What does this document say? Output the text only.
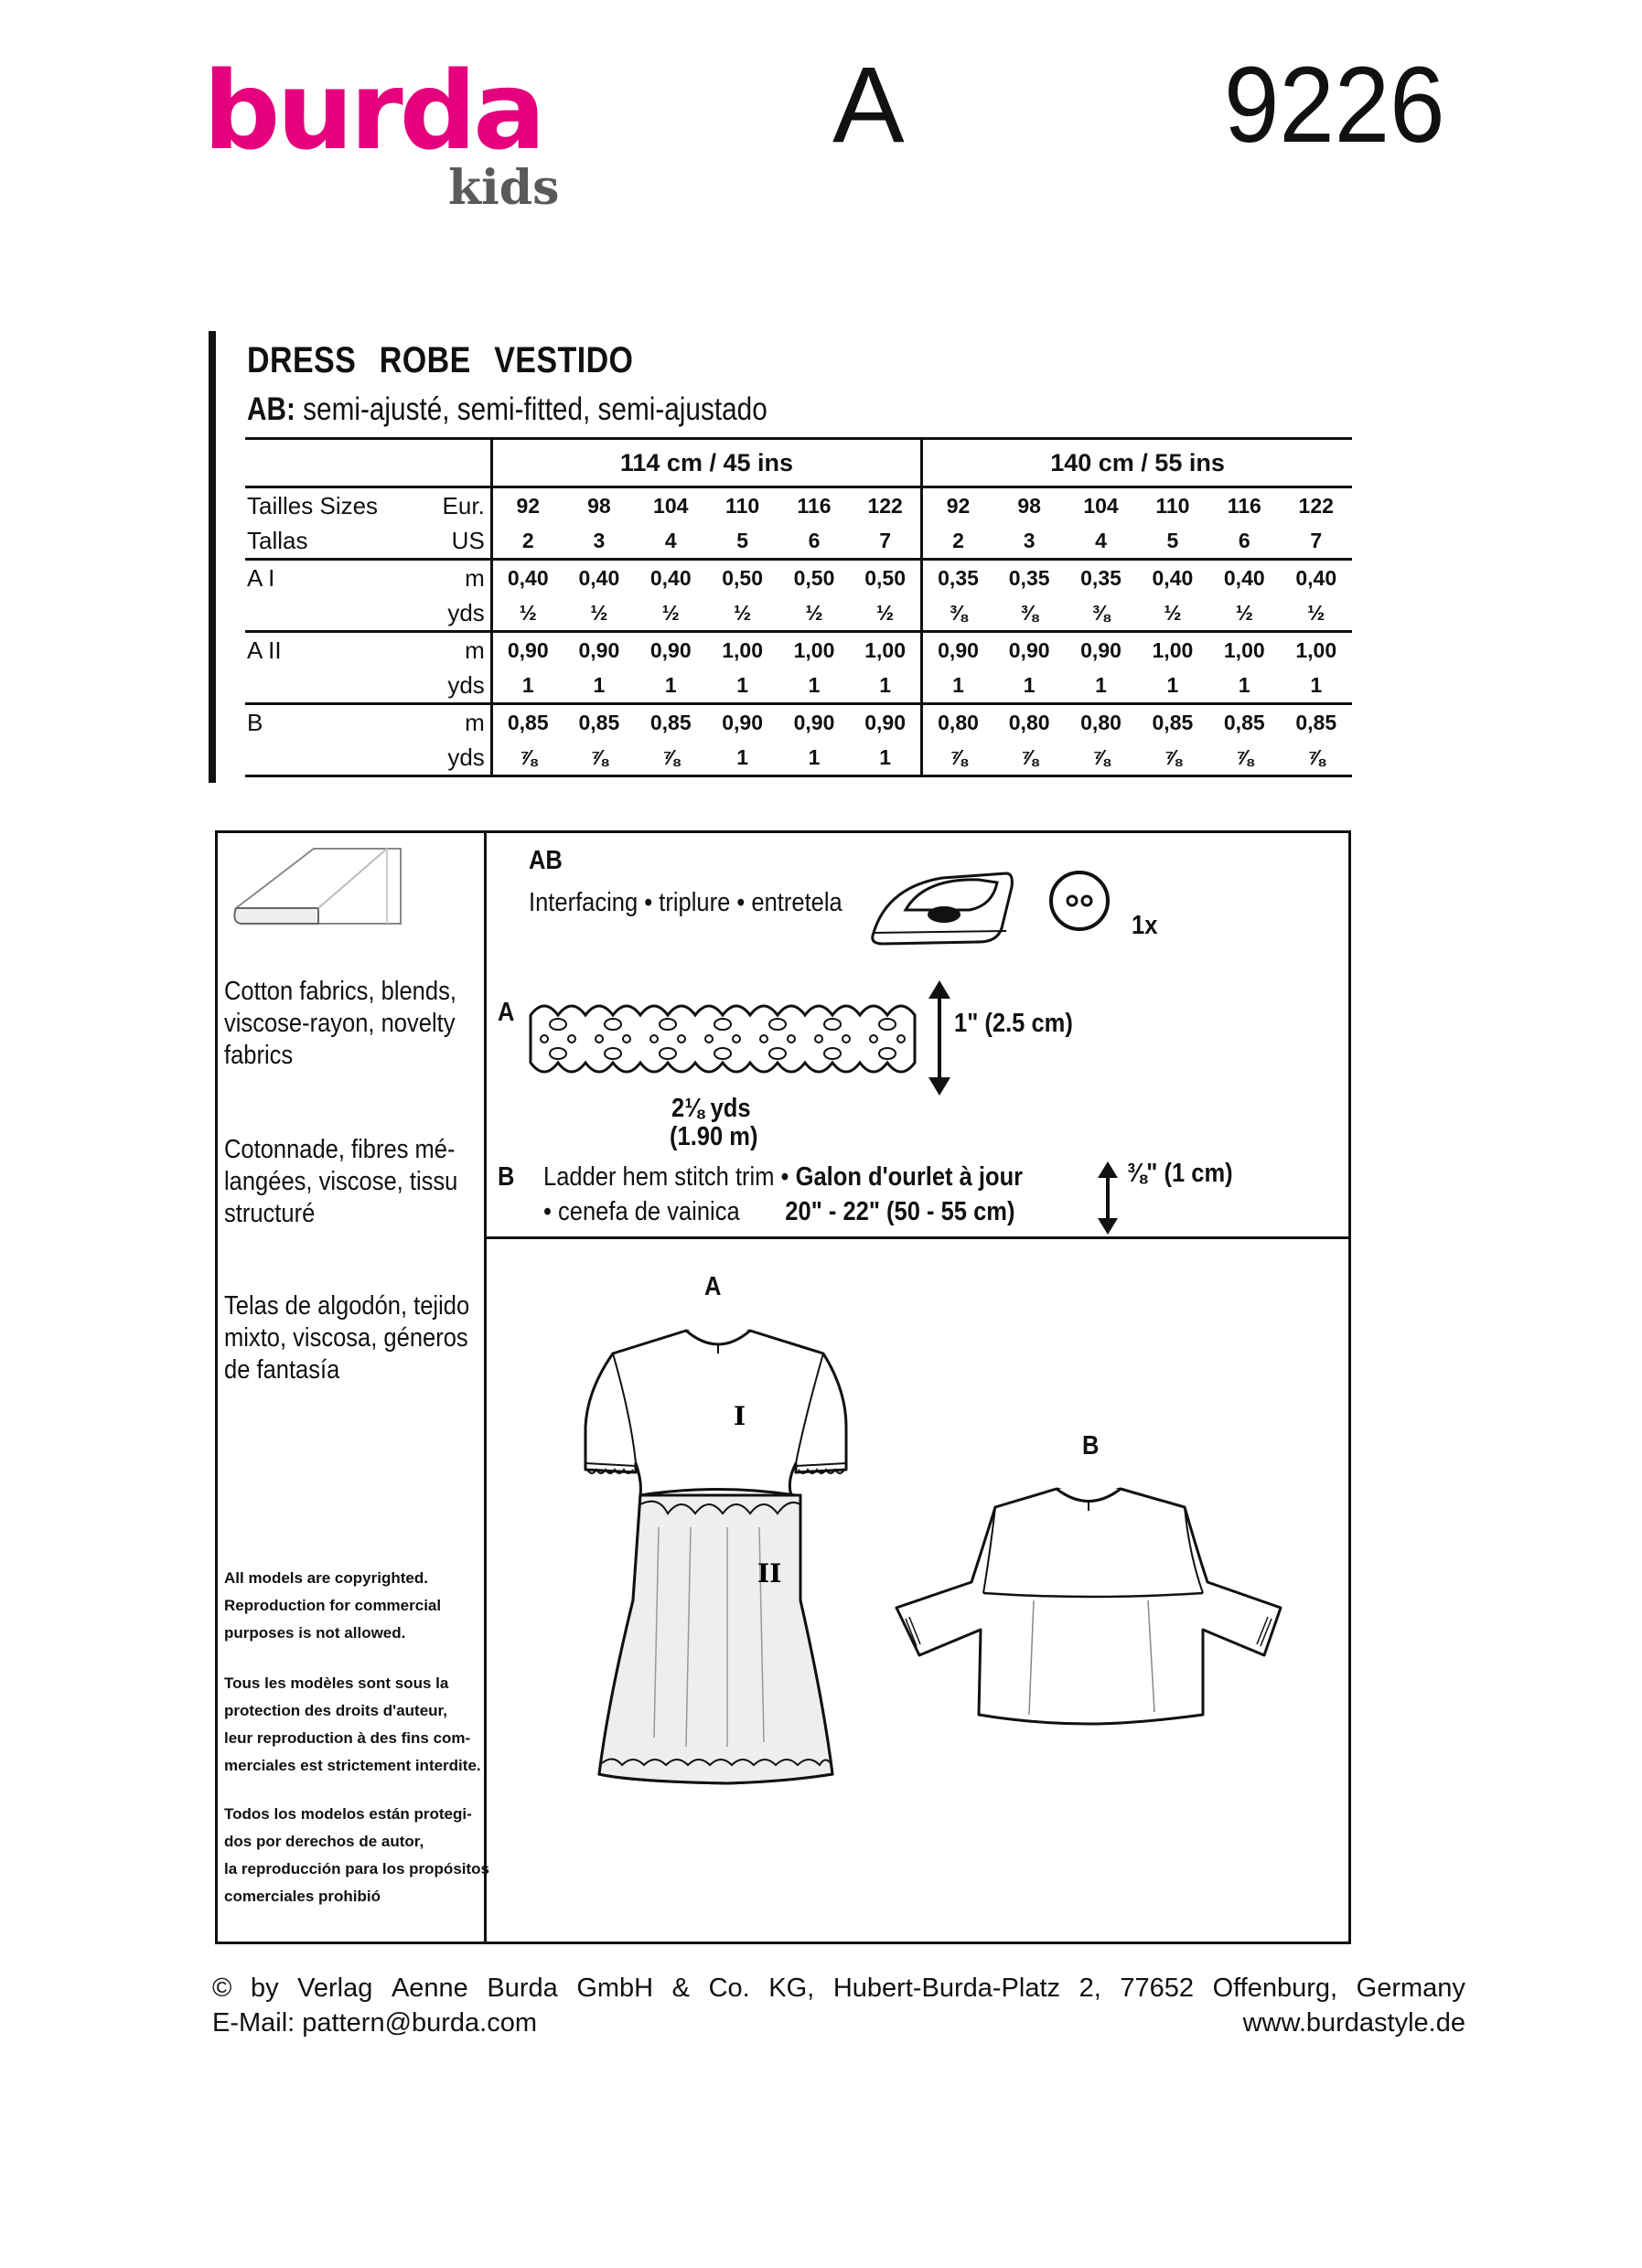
burda
kids
A	9226
DRESS ROBE VESTIDO
AB: semi-ajusté, semi-fitted, semi-ajustado
		114 cm / 45 ins						140 cm / 55 ins					
Tailles Sizes	Eur.	92	98	104	110	116	122	92	98	104	110	116	122
Tallas	US	2	3	4	5	6	7	2	3	4	5	6	7
A I	m	0,40	0,40	0,40	0,50	0,50	0,50	0,35	0,35	0,35	0,40	0,40	0,40
	yds	½	½	½	½	½	½	⅜	⅜	⅜	½	½	½
A II	m	0,90	0,90	0,90	1,00	1,00	1,00	0,90	0,90	0,90	1,00	1,00	1,00
	yds	1	1	1	1	1	1	1	1	1	1	1	1
B	m	0,85	0,85	0,85	0,90	0,90	0,90	0,80	0,80	0,80	0,85	0,85	0,85
	yds	⅞	⅞	⅞	1	1	1	⅞	⅞	⅞	⅞	⅞	⅞
Cotton fabrics, blends,
viscose-rayon, novelty
fabrics
Cotonnade, fibres mé-
langées, viscose, tissu
structuré
Telas de algodón, tejido
mixto, viscosa, géneros
de fantasía
All models are copyrighted.
Reproduction for commercial
purposes is not allowed.
Tous les modèles sont sous la
protection des droits d'auteur,
leur reproduction à des fins com-
merciales est strictement interdite.
Todos los modelos están protegi-
dos por derechos de autor,
la reproducción para los propósitos
comerciales prohibió
AB
Interfacing • triplure • entretela
1x
A	1" (2.5 cm)
2⅛ yds
(1.90 m)
B Ladder hem stitch trim • Galon d'ourlet à jour
• cenefa de vainica 20" - 22" (50 - 55 cm)
⅜" (1 cm)
A
B
I
II
© by Verlag Aenne Burda GmbH & Co. KG, Hubert-Burda-Platz 2, 77652 Offenburg, Germany
E-Mail: pattern@burda.com	www.burdastyle.de
